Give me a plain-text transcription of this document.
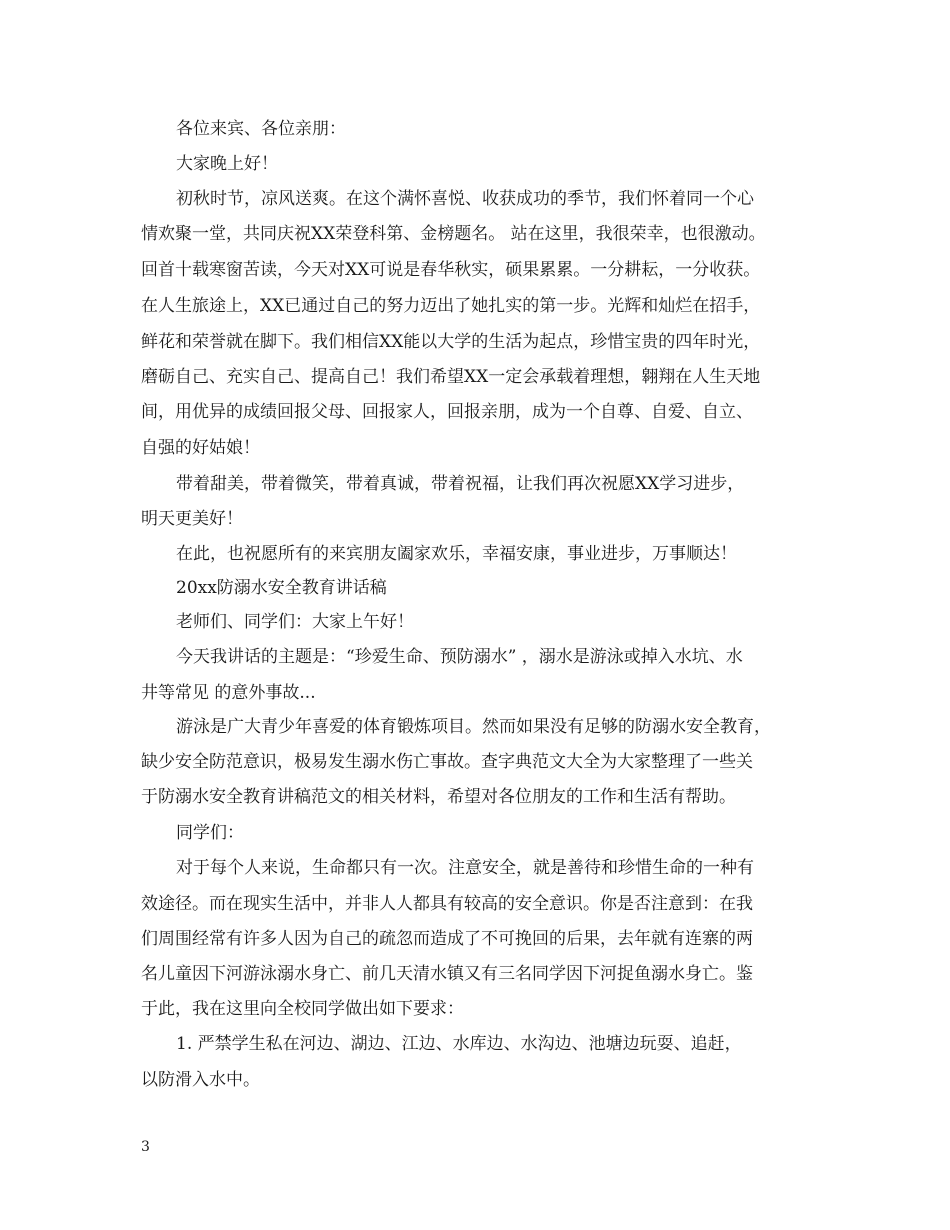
各位来宾、各位亲朋：
大家晚上好！
初秋时节，凉风送爽。在这个满怀喜悦、收获成功的季节，我们怀着同一个心
情欢聚一堂，共同庆祝XX荣登科第、金榜题名。 站在这里，我很荣幸，也很激动。
回首十载寒窗苦读，今天对XX可说是春华秋实，硕果累累。一分耕耘，一分收获。
在人生旅途上，XX已通过自己的努力迈出了她扎实的第一步。光辉和灿烂在招手，
鲜花和荣誉就在脚下。我们相信XX能以大学的生活为起点，珍惜宝贵的四年时光，
磨砺自己、充实自己、提高自己！我们希望XX一定会承载着理想，翱翔在人生天地
间，用优异的成绩回报父母、回报家人，回报亲朋，成为一个自尊、自爱、自立、
自强的好姑娘！
带着甜美，带着微笑，带着真诚，带着祝福，让我们再次祝愿XX学习进步，
明天更美好！
在此，也祝愿所有的来宾朋友阖家欢乐，幸福安康，事业进步，万事顺达！
20xx防溺水安全教育讲话稿
老师们、同学们：大家上午好！
今天我讲话的主题是：“珍爱生命、预防溺水” ，溺水是游泳或掉入水坑、水
井等常见 的意外事故...
游泳是广大青少年喜爱的体育锻炼项目。然而如果没有足够的防溺水安全教育，
缺少安全防范意识，极易发生溺水伤亡事故。查字典范文大全为大家整理了一些关
于防溺水安全教育讲稿范文的相关材料，希望对各位朋友的工作和生活有帮助。
同学们：
对于每个人来说，生命都只有一次。注意安全，就是善待和珍惜生命的一种有
效途径。而在现实生活中，并非人人都具有较高的安全意识。你是否注意到：在我
们周围经常有许多人因为自己的疏忽而造成了不可挽回的后果，去年就有连寨的两
名儿童因下河游泳溺水身亡、前几天清水镇又有三名同学因下河捉鱼溺水身亡。鉴
于此，我在这里向全校同学做出如下要求：
1. 严禁学生私在河边、湖边、江边、水库边、水沟边、池塘边玩耍、追赶，
以防滑入水中。
3
